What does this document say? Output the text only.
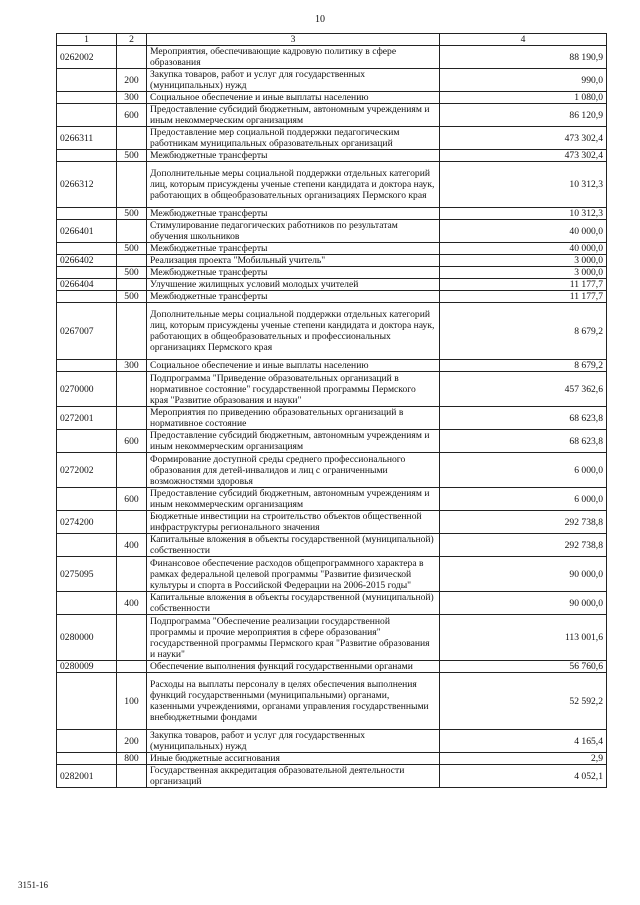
10
1	2	3	4
0262002		Мероприятия, обеспечивающие кадровую политику в сфере образования	88 190,9
	200	Закупка товаров, работ и услуг для государственных (муниципальных) нужд	990,0
	300	Социальное обеспечение и иные выплаты населению	1 080,0
	600	Предоставление субсидий бюджетным, автономным учреждениям и иным некоммерческим организациям	86 120,9
0266311		Предоставление мер социальной поддержки педагогическим работникам муниципальных образовательных организаций	473 302,4
	500	Межбюджетные трансферты	473 302,4
0266312		Дополнительные меры социальной поддержки отдельных категорий лиц, которым присуждены ученые степени кандидата и доктора наук, работающих в общеобразовательных организациях Пермского края	10 312,3
	500	Межбюджетные трансферты	10 312,3
0266401		Стимулирование педагогических работников по результатам обучения школьников	40 000,0
	500	Межбюджетные трансферты	40 000,0
0266402		Реализация проекта "Мобильный учитель"	3 000,0
	500	Межбюджетные трансферты	3 000,0
0266404		Улучшение жилищных условий молодых учителей	11 177,7
	500	Межбюджетные трансферты	11 177,7
0267007		Дополнительные меры социальной поддержки отдельных категорий лиц, которым присуждены ученые степени кандидата и доктора наук, работающих в общеобразовательных и профессиональных организациях Пермского края	8 679,2
	300	Социальное обеспечение и иные выплаты населению	8 679,2
0270000		Подпрограмма "Приведение образовательных организаций в нормативное состояние" государственной программы Пермского края "Развитие образования и науки"	457 362,6
0272001		Мероприятия по приведению образовательных организаций в нормативное состояние	68 623,8
	600	Предоставление субсидий бюджетным, автономным учреждениям и иным некоммерческим организациям	68 623,8
0272002		Формирование доступной среды среднего профессионального образования для детей-инвалидов и лиц с ограниченными возможностями здоровья	6 000,0
	600	Предоставление субсидий бюджетным, автономным учреждениям и иным некоммерческим организациям	6 000,0
0274200		Бюджетные инвестиции на строительство объектов общественной инфраструктуры регионального значения	292 738,8
	400	Капитальные вложения в объекты государственной (муниципальной) собственности	292 738,8
0275095		Финансовое обеспечение расходов общепрограммного характера в рамках федеральной целевой программы "Развитие физической культуры и спорта в Российской Федерации на 2006-2015 годы"	90 000,0
	400	Капитальные вложения в объекты государственной (муниципальной) собственности	90 000,0
0280000		Подпрограмма "Обеспечение реализации государственной программы и прочие мероприятия в сфере образования" государственной программы Пермского края "Развитие образования и науки"	113 001,6
0280009		Обеспечение выполнения функций государственными органами	56 760,6
	100	Расходы на выплаты персоналу в целях обеспечения выполнения функций государственными (муниципальными) органами, казенными учреждениями, органами управления государственными внебюджетными фондами	52 592,2
	200	Закупка товаров, работ и услуг для государственных (муниципальных) нужд	4 165,4
	800	Иные бюджетные ассигнования	2,9
0282001		Государственная аккредитация образовательной деятельности организаций	4 052,1
3151-16
